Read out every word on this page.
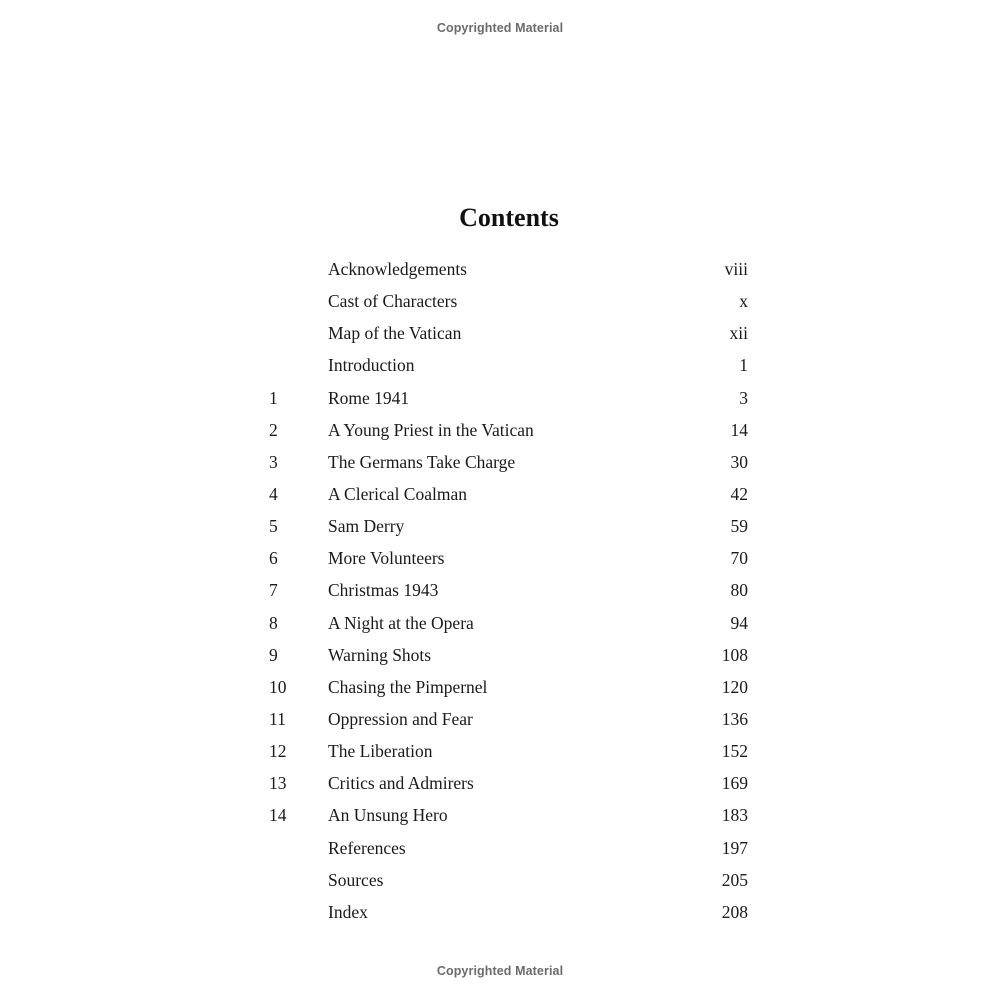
Copyrighted Material
Contents
Acknowledgements	viii
Cast of Characters	x
Map of the Vatican	xii
Introduction	1
1	Rome 1941	3
2	A Young Priest in the Vatican	14
3	The Germans Take Charge	30
4	A Clerical Coalman	42
5	Sam Derry	59
6	More Volunteers	70
7	Christmas 1943	80
8	A Night at the Opera	94
9	Warning Shots	108
10 Chasing the Pimpernel	120
11 Oppression and Fear	136
12 The Liberation	152
13 Critics and Admirers	169
14 An Unsung Hero	183
References	197
Sources	205
Index	208
Copyrighted Material
